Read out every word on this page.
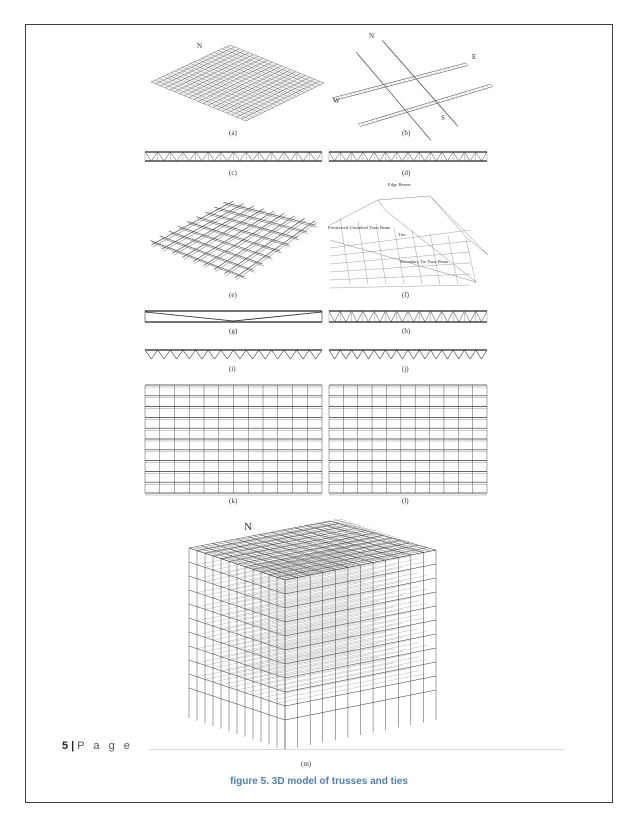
N
(a)
N
E
S
W
(b)
(c)	(d)
(e)
Edge Beams
Prestressed Unstudied Truss Beam
Ties
Secondary Tie Truss Beam
(f)
(g)	(h)
(i)	(j)
(k)	(l)
N
(m)
5 | P a g e
figure 5. 3D model of trusses and ties
